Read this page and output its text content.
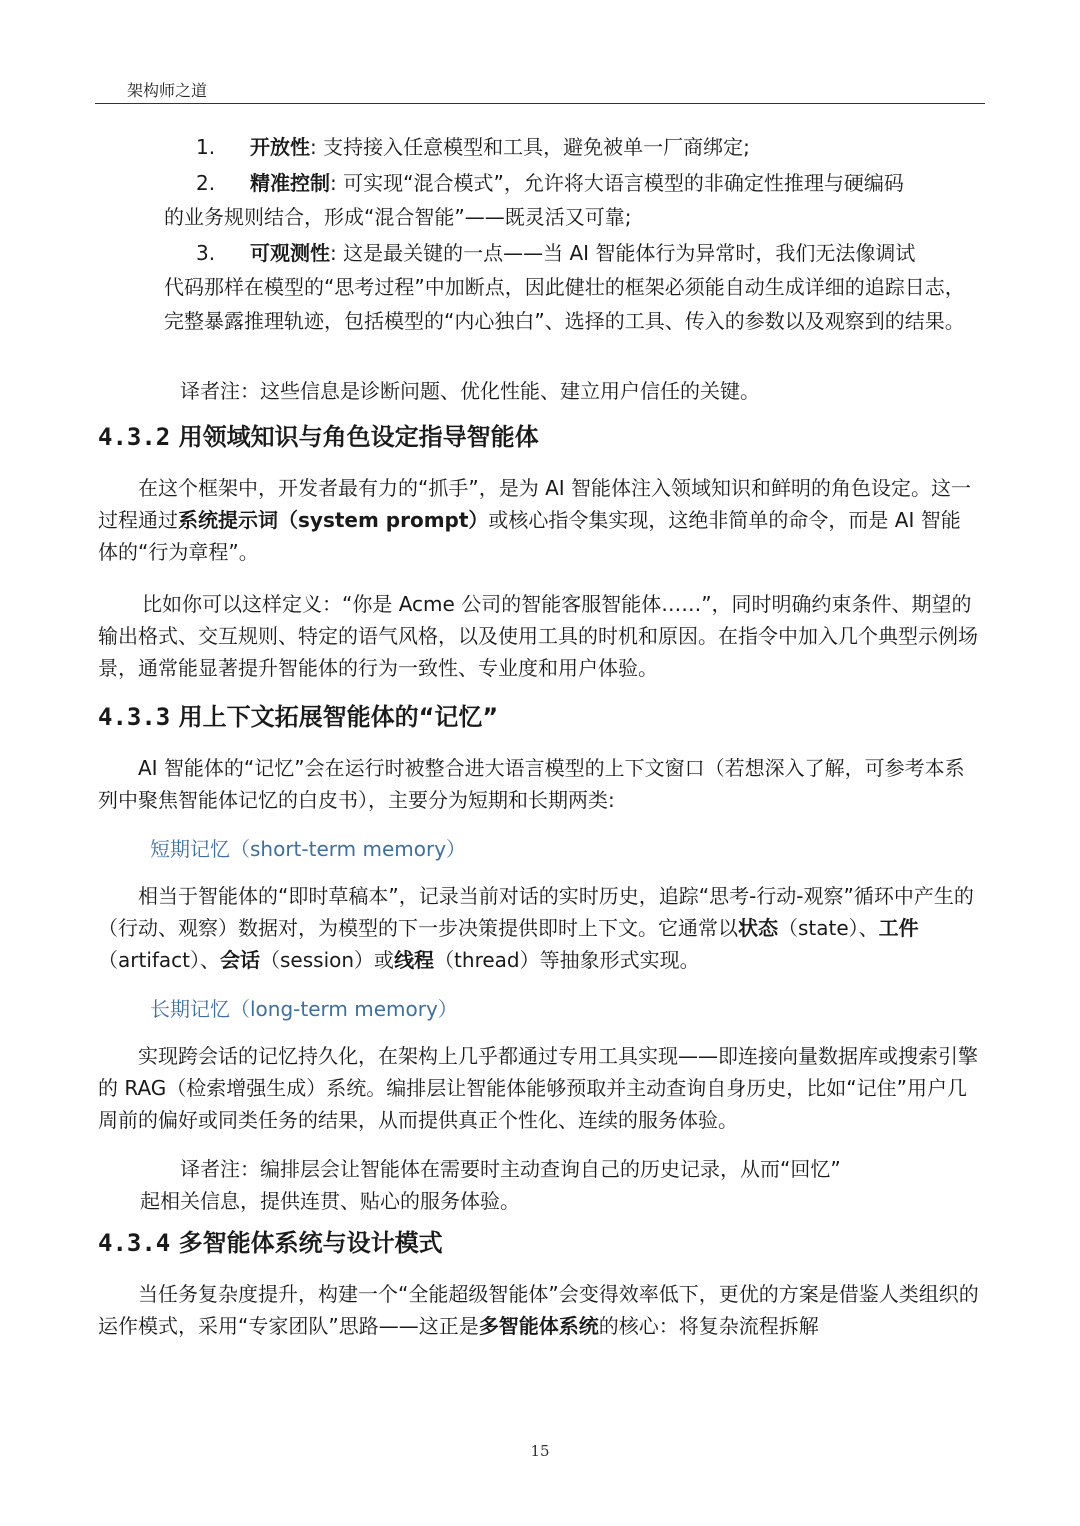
架构师之道
1.	开放性: 支持接入任意模型和工具，避免被单一厂商绑定;
2.	精准控制: 可实现“混合模式”，允许将大语言模型的非确定性推理与硬编码
的业务规则结合，形成“混合智能”——既灵活又可靠;
3.	可观测性: 这是最关键的一点——当 AI 智能体行为异常时，我们无法像调试
代码那样在模型的“思考过程”中加断点，因此健壮的框架必须能自动生成详细的追踪日志，完整暴露推理轨迹，包括模型的“内心独白”、选择的工具、传入的参数以及观察到的结果。
译者注：这些信息是诊断问题、优化性能、建立用户信任的关键。
4.3.2 用领域知识与角色设定指导智能体

在这个框架中，开发者最有力的“抓手”，是为 AI 智能体注入领域知识和鲜明的角色设定。这一过程通过系统提示词（system prompt）或核心指令集实现，这绝非简单的命令，而是 AI 智能体的“行为章程”。

比如你可以这样定义：“你是 Acme 公司的智能客服智能体……”，同时明确约束条件、期望的输出格式、交互规则、特定的语气风格，以及使用工具的时机和原因。在指令中加入几个典型示例场景，通常能显著提升智能体的行为一致性、专业度和用户体验。

4.3.3 用上下文拓展智能体的“记忆”

AI 智能体的“记忆”会在运行时被整合进大语言模型的上下文窗口（若想深入了解，可参考本系列中聚焦智能体记忆的白皮书），主要分为短期和长期两类:

短期记忆（short-term memory）

相当于智能体的“即时草稿本”，记录当前对话的实时历史，追踪“思考-行动-观察”循环中产生的（行动、观察）数据对，为模型的下一步决策提供即时上下文。它通常以状态（state）、工件（artifact）、会话（session）或线程（thread）等抽象形式实现。

长期记忆（long-term memory）

实现跨会话的记忆持久化，在架构上几乎都通过专用工具实现——即连接向量数据库或搜索引擎的 RAG（检索增强生成）系统。编排层让智能体能够预取并主动查询自身历史，比如“记住”用户几周前的偏好或同类任务的结果，从而提供真正个性化、连续的服务体验。

译者注：编排层会让智能体在需要时主动查询自己的历史记录，从而“回忆”
起相关信息，提供连贯、贴心的服务体验。
4.3.4 多智能体系统与设计模式

当任务复杂度提升，构建一个“全能超级智能体”会变得效率低下，更优的方案是借鉴人类组织的运作模式，采用“专家团队”思路——这正是多智能体系统的核心：将复杂流程拆解

15
